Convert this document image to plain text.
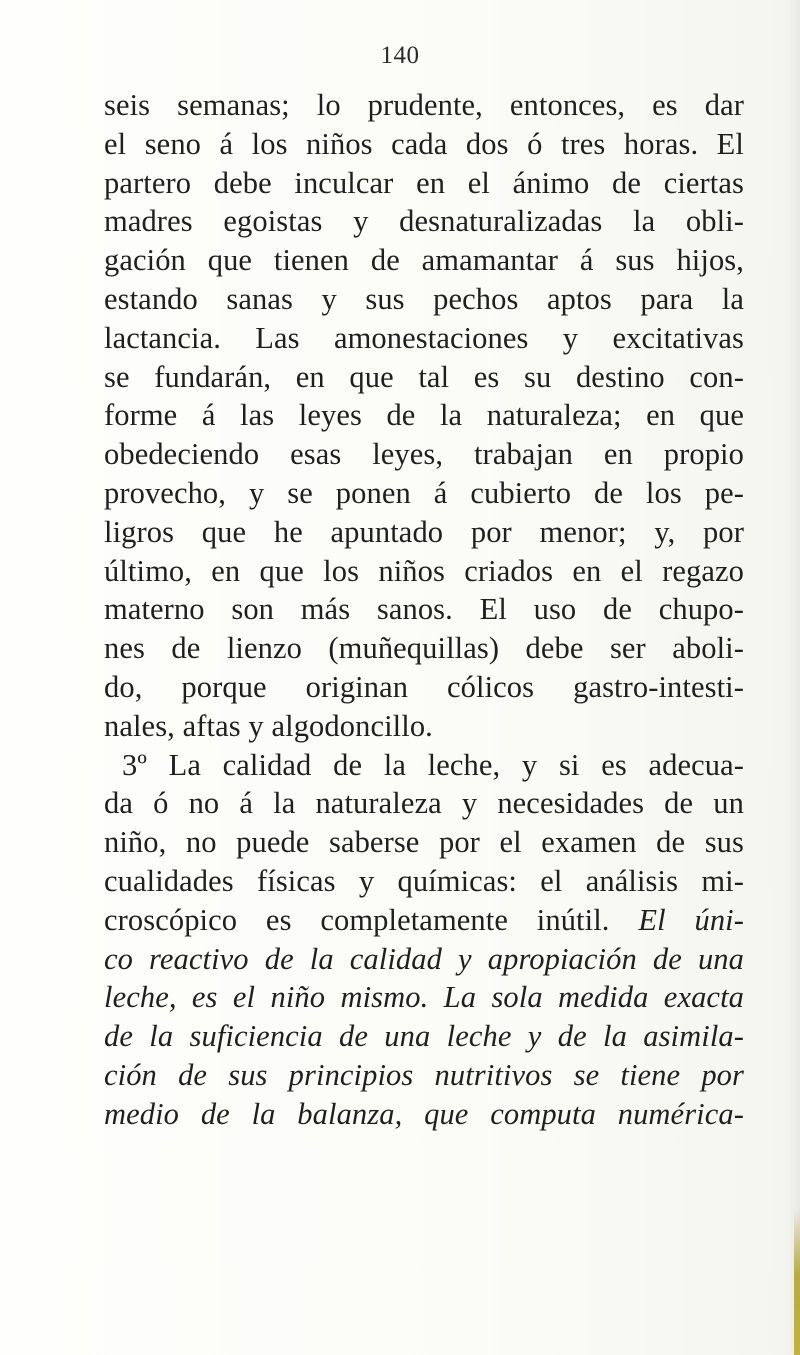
140
seis semanas; lo prudente, entonces, es dar
el seno á los niños cada dos ó tres horas. El
partero debe inculcar en el ánimo de ciertas
madres egoistas y desnaturalizadas la obli-
gación que tienen de amamantar á sus hijos,
estando sanas y sus pechos aptos para la
lactancia. Las amonestaciones y excitativas
se fundarán, en que tal es su destino con-
forme á las leyes de la naturaleza; en que
obedeciendo esas leyes, trabajan en propio
provecho, y se ponen á cubierto de los pe-
ligros que he apuntado por menor; y, por
último, en que los niños criados en el regazo
materno son más sanos. El uso de chupo-
nes de lienzo (muñequillas) debe ser aboli-
do, porque originan cólicos gastro-intesti-
nales, aftas y algodoncillo.
3º La calidad de la leche, y si es adecua-
da ó no á la naturaleza y necesidades de un
niño, no puede saberse por el examen de sus
cualidades físicas y químicas: el análisis mi-
croscópico es completamente inútil. El úni-
co reactivo de la calidad y apropiación de una
leche, es el niño mismo. La sola medida exacta
de la suficiencia de una leche y de la asimila-
ción de sus principios nutritivos se tiene por
medio de la balanza, que computa numérica-
